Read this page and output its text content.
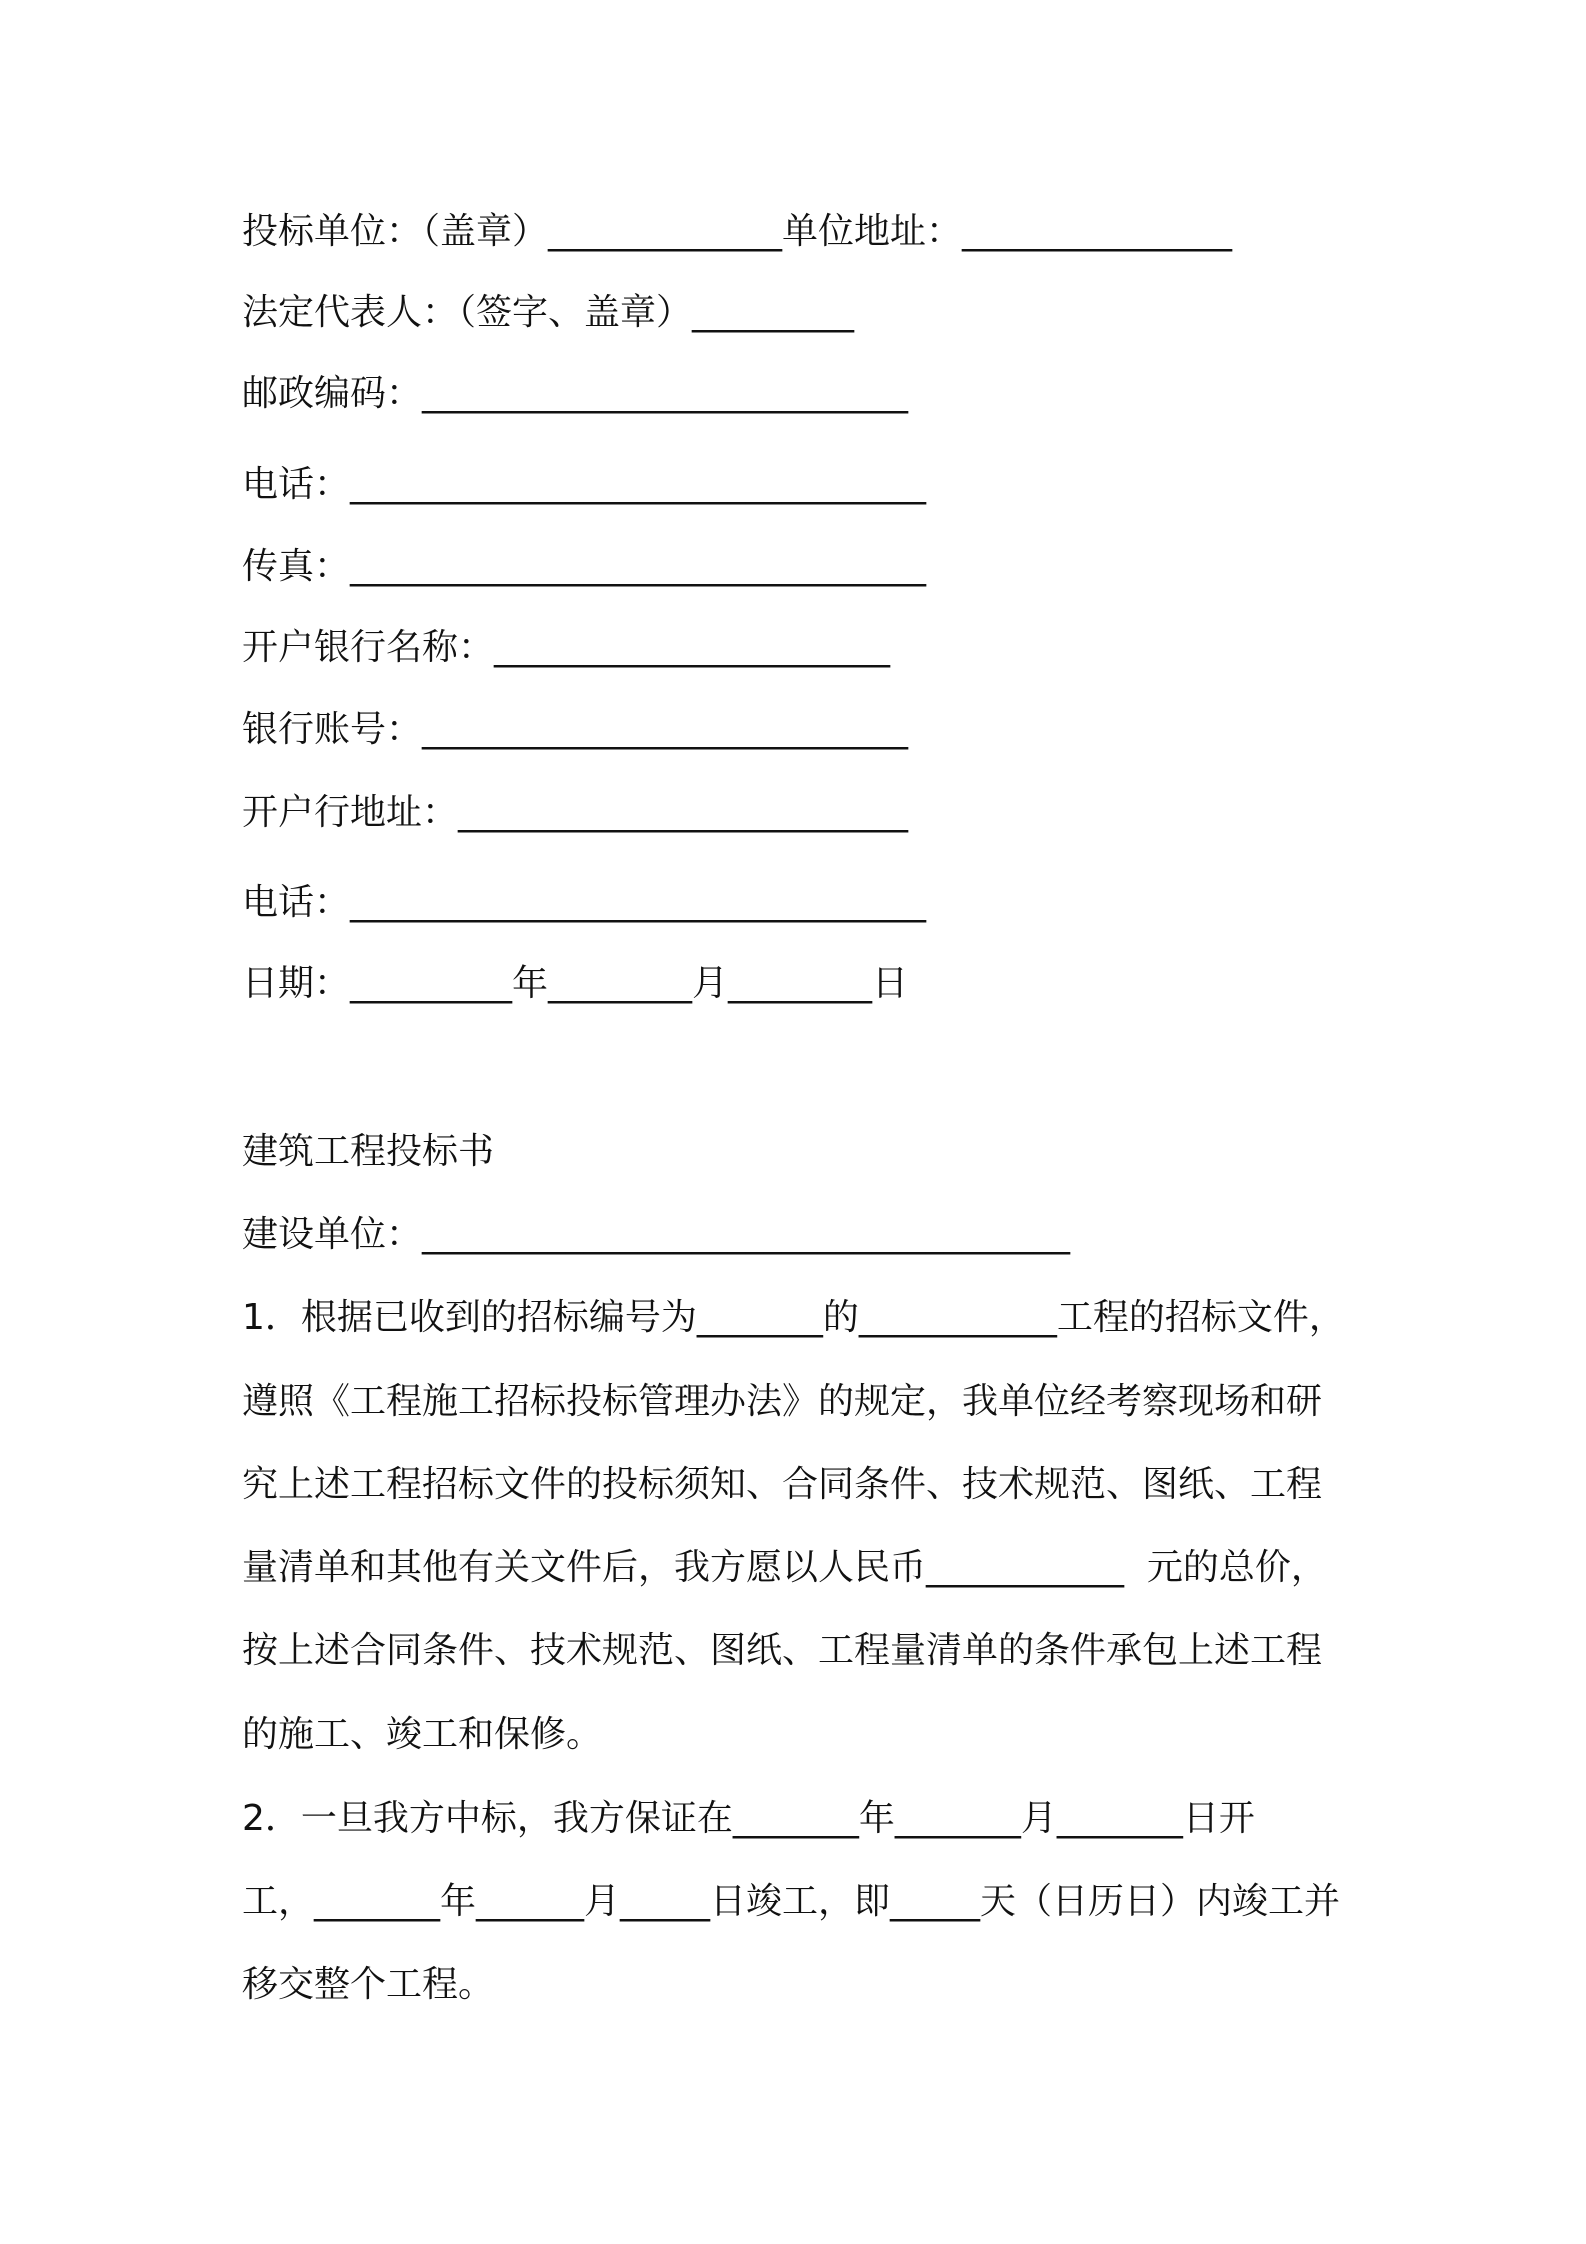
投标单位：（盖章）_____________单位地址：_______________

法定代表人：（签字、盖章）_________

邮政编码：___________________________

电话：________________________________

传真：________________________________

开户银行名称：______________________

银行账号：___________________________

开户行地址：_________________________

电话：________________________________

日期：_________年________月________日

建筑工程投标书

建设单位：____________________________________

1．根据已收到的招标编号为_______的___________工程的招标文件，

遵照《工程施工招标投标管理办法》的规定，我单位经考察现场和研

究上述工程招标文件的投标须知、合同条件、技术规范、图纸、工程

量清单和其他有关文件后，我方愿以人民币___________  元的总价，

按上述合同条件、技术规范、图纸、工程量清单的条件承包上述工程

的施工、竣工和保修。

2．一旦我方中标，我方保证在_______年_______月_______日开

工，_______年______月_____日竣工，即_____天（日历日）内竣工并

移交整个工程。
